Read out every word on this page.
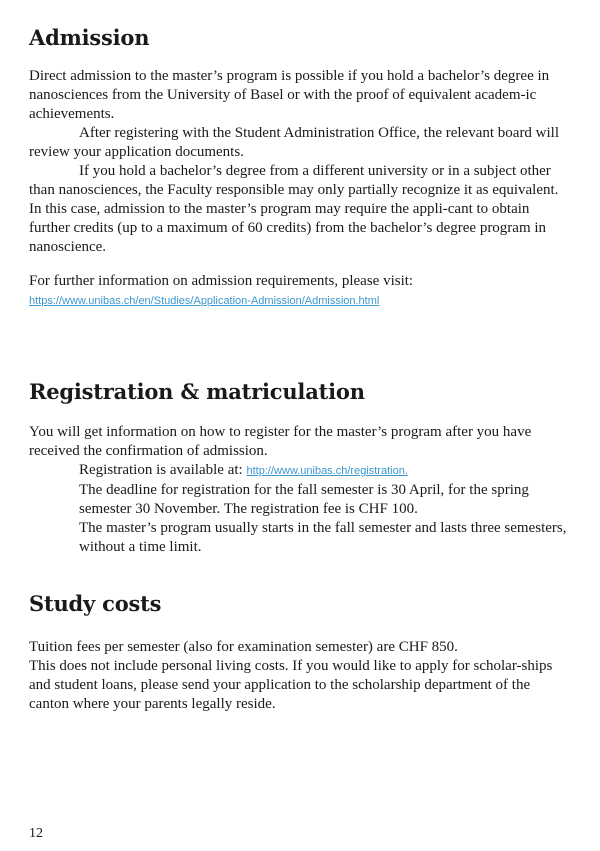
Admission

Direct admission to the master’s program is possible if you hold a bachelor’s degree in nanosciences from the University of Basel or with the proof of equivalent academ-ic achievements.

After registering with the Student Administration Office, the relevant board will review your application documents.

If you hold a bachelor’s degree from a different university or in a subject other than nanosciences, the Faculty responsible may only partially recognize it as equivalent. In this case, admission to the master’s program may require the appli-cant to obtain further credits (up to a maximum of 60 credits) from the bachelor’s degree program in nanoscience.

For further information on admission requirements, please visit:

https://www.unibas.ch/en/Studies/Application-Admission/Admission.html

Registration & matriculation

You will get information on how to register for the master’s program after you have received the confirmation of admission.

Registration is available at: http://www.unibas.ch/registration.

The deadline for registration for the fall semester is 30 April, for the spring semester 30 November. The registration fee is CHF 100.

The master’s program usually starts in the fall semester and lasts three semesters, without a time limit.

Study costs

Tuition fees per semester (also for examination semester) are CHF 850.

This does not include personal living costs. If you would like to apply for scholar-ships and student loans, please send your application to the scholarship department of the canton where your parents legally reside.

12
